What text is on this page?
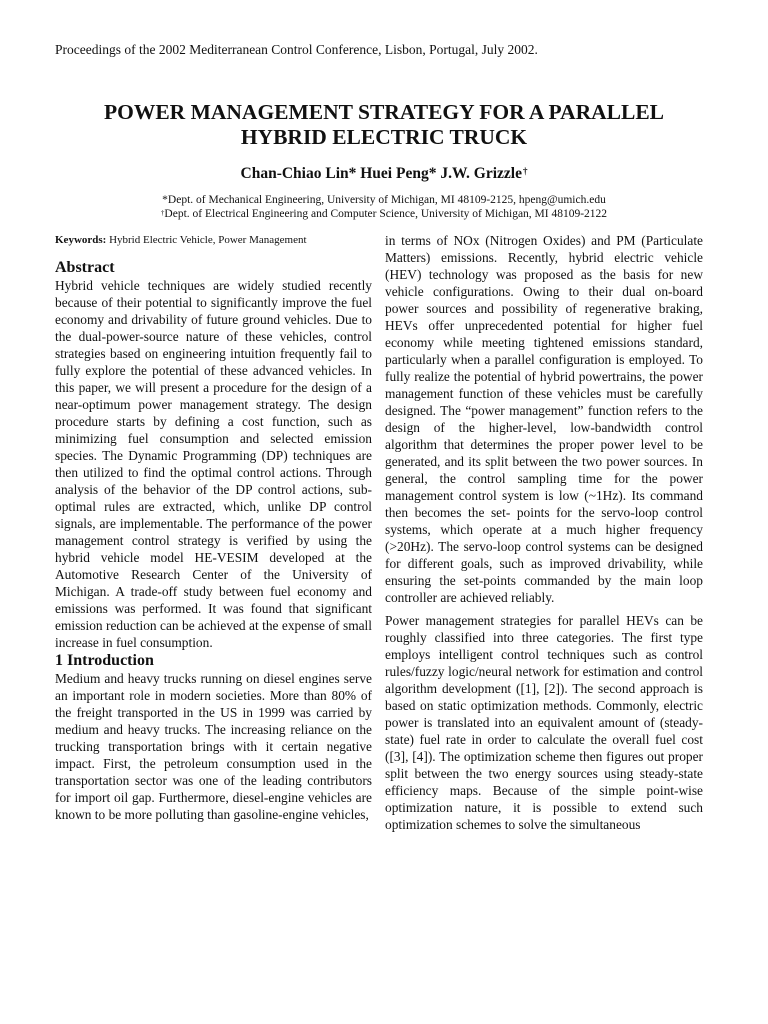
Proceedings of the 2002 Mediterranean Control Conference, Lisbon, Portugal, July 2002.
POWER MANAGEMENT STRATEGY FOR A PARALLEL
HYBRID ELECTRIC TRUCK
Chan-Chiao Lin* Huei Peng* J.W. Grizzle†
*Dept. of Mechanical Engineering, University of Michigan, MI 48109-2125, hpeng@umich.edu
†Dept. of Electrical Engineering and Computer Science, University of Michigan, MI 48109-2122
Keywords: Hybrid Electric Vehicle, Power Management
Abstract

Hybrid vehicle techniques are widely studied recently because of their potential to significantly improve the fuel economy and drivability of future ground vehicles. Due to the dual-power-source nature of these vehicles, control strategies based on engineering intuition frequently fail to fully explore the potential of these advanced vehicles. In this paper, we will present a procedure for the design of a near-optimum power management strategy. The design procedure starts by defining a cost function, such as minimizing fuel consumption and selected emission species. The Dynamic Programming (DP) techniques are then utilized to find the optimal control actions. Through analysis of the behavior of the DP control actions, sub-optimal rules are extracted, which, unlike DP control signals, are implementable. The performance of the power management control strategy is verified by using the hybrid vehicle model HE-VESIM developed at the Automotive Research Center of the University of Michigan. A trade-off study between fuel economy and emissions was performed. It was found that significant emission reduction can be achieved at the expense of small increase in fuel consumption.

1 Introduction

Medium and heavy trucks running on diesel engines serve an important role in modern societies. More than 80% of the freight transported in the US in 1999 was carried by medium and heavy trucks. The increasing reliance on the trucking transportation brings with it certain negative impact. First, the petroleum consumption used in the transportation sector was one of the leading contributors for import oil gap. Furthermore, diesel-engine vehicles are known to be more polluting than gasoline-engine vehicles,

in terms of NOx (Nitrogen Oxides) and PM (Particulate Matters) emissions. Recently, hybrid electric vehicle (HEV) technology was proposed as the basis for new vehicle configurations. Owing to their dual on-board power sources and possibility of regenerative braking, HEVs offer unprecedented potential for higher fuel economy while meeting tightened emissions standard, particularly when a parallel configuration is employed. To fully realize the potential of hybrid powertrains, the power management function of these vehicles must be carefully designed. The “power management” function refers to the design of the higher-level, low-bandwidth control algorithm that determines the proper power level to be generated, and its split between the two power sources. In general, the control sampling time for the power management control system is low (~1Hz). Its command then becomes the set- points for the servo-loop control systems, which operate at a much higher frequency (>20Hz). The servo-loop control systems can be designed for different goals, such as improved drivability, while ensuring the set-points commanded by the main loop controller are achieved reliably.

Power management strategies for parallel HEVs can be roughly classified into three categories. The first type employs intelligent control techniques such as control rules/fuzzy logic/neural network for estimation and control algorithm development ([1], [2]). The second approach is based on static optimization methods. Commonly, electric power is translated into an equivalent amount of (steady-state) fuel rate in order to calculate the overall fuel cost ([3], [4]). The optimization scheme then figures out proper split between the two energy sources using steady-state efficiency maps. Because of the simple point-wise optimization nature, it is possible to extend such optimization schemes to solve the simultaneous
